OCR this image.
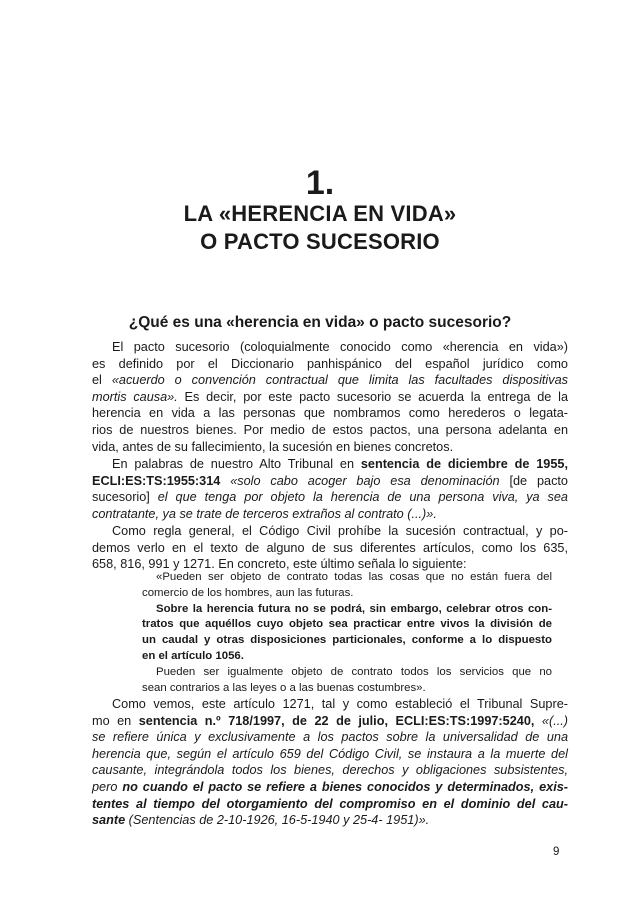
1.
LA «HERENCIA EN VIDA»
O PACTO SUCESORIO
¿Qué es una «herencia en vida» o pacto sucesorio?
El pacto sucesorio (coloquialmente conocido como «herencia en vida»)
es definido por el Diccionario panhispánico del español jurídico como
el «acuerdo o convención contractual que limita las facultades dispositivas
mortis causa». Es decir, por este pacto sucesorio se acuerda la entrega de la
herencia en vida a las personas que nombramos como herederos o legata-
rios de nuestros bienes. Por medio de estos pactos, una persona adelanta en
vida, antes de su fallecimiento, la sucesión en bienes concretos.
En palabras de nuestro Alto Tribunal en sentencia de diciembre de 1955,
ECLI:ES:TS:1955:314 «solo cabo acoger bajo esa denominación [de pacto
sucesorio] el que tenga por objeto la herencia de una persona viva, ya sea
contratante, ya se trate de terceros extraños al contrato (...)».
Como regla general, el Código Civil prohíbe la sucesión contractual, y po-
demos verlo en el texto de alguno de sus diferentes artículos, como los 635,
658, 816, 991 y 1271. En concreto, este último señala lo siguiente:
«Pueden ser objeto de contrato todas las cosas que no están fuera del
comercio de los hombres, aun las futuras.
Sobre la herencia futura no se podrá, sin embargo, celebrar otros con-
tratos que aquéllos cuyo objeto sea practicar entre vivos la división de
un caudal y otras disposiciones particionales, conforme a lo dispuesto
en el artículo 1056.
Pueden ser igualmente objeto de contrato todos los servicios que no
sean contrarios a las leyes o a las buenas costumbres».
Como vemos, este artículo 1271, tal y como estableció el Tribunal Supre-
mo en sentencia n.º 718/1997, de 22 de julio, ECLI:ES:TS:1997:5240, «(...)
se refiere única y exclusivamente a los pactos sobre la universalidad de una
herencia que, según el artículo 659 del Código Civil, se instaura a la muerte del
causante, integrándola todos los bienes, derechos y obligaciones subsistentes,
pero no cuando el pacto se refiere a bienes conocidos y determinados, exis-
tentes al tiempo del otorgamiento del compromiso en el dominio del cau-
sante (Sentencias de 2-10-1926, 16-5-1940 y 25-4- 1951)».
9
